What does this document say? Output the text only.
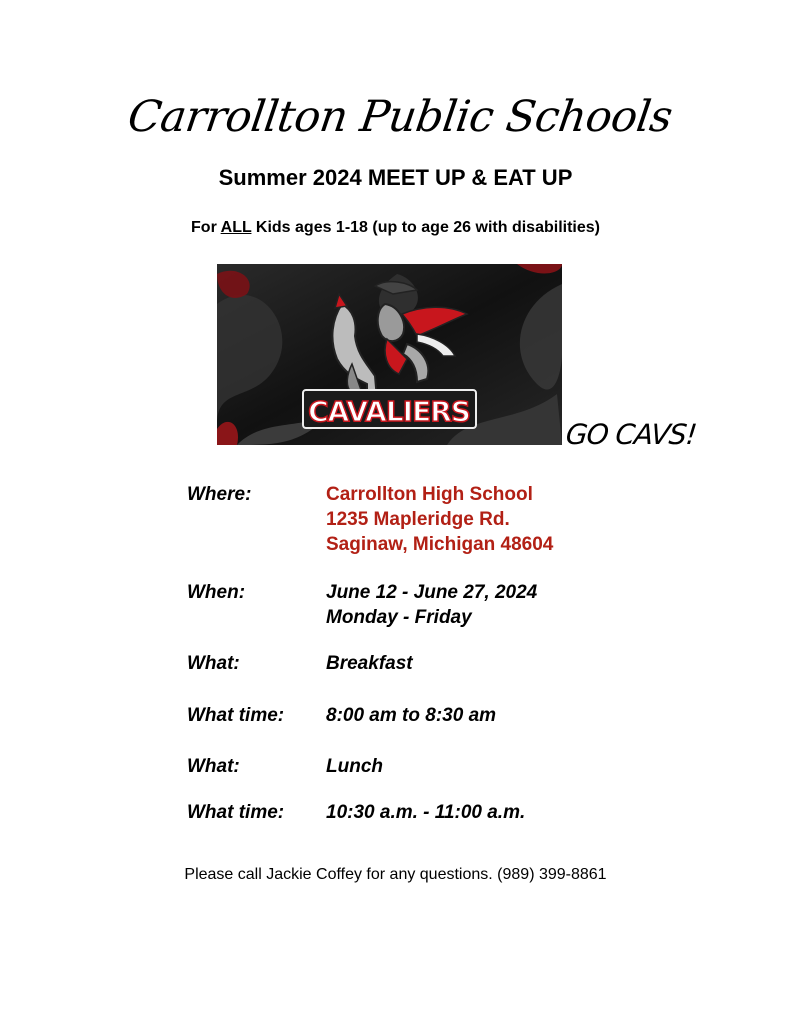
Carrollton Public Schools
Summer 2024 MEET UP & EAT UP
For ALL Kids ages 1-18 (up to age 26 with disabilities)
CAVALIERS
GO CAVS!
Where:	Carrollton High School
1235 Mapleridge Rd.
Saginaw, Michigan 48604
When:	June 12 - June 27, 2024
Monday - Friday
What:	Breakfast
What time: 8:00 am to 8:30 am
What:	Lunch
What time: 10:30 a.m. - 11:00 a.m.
Please call Jackie Coffey for any questions. (989) 399-8861
